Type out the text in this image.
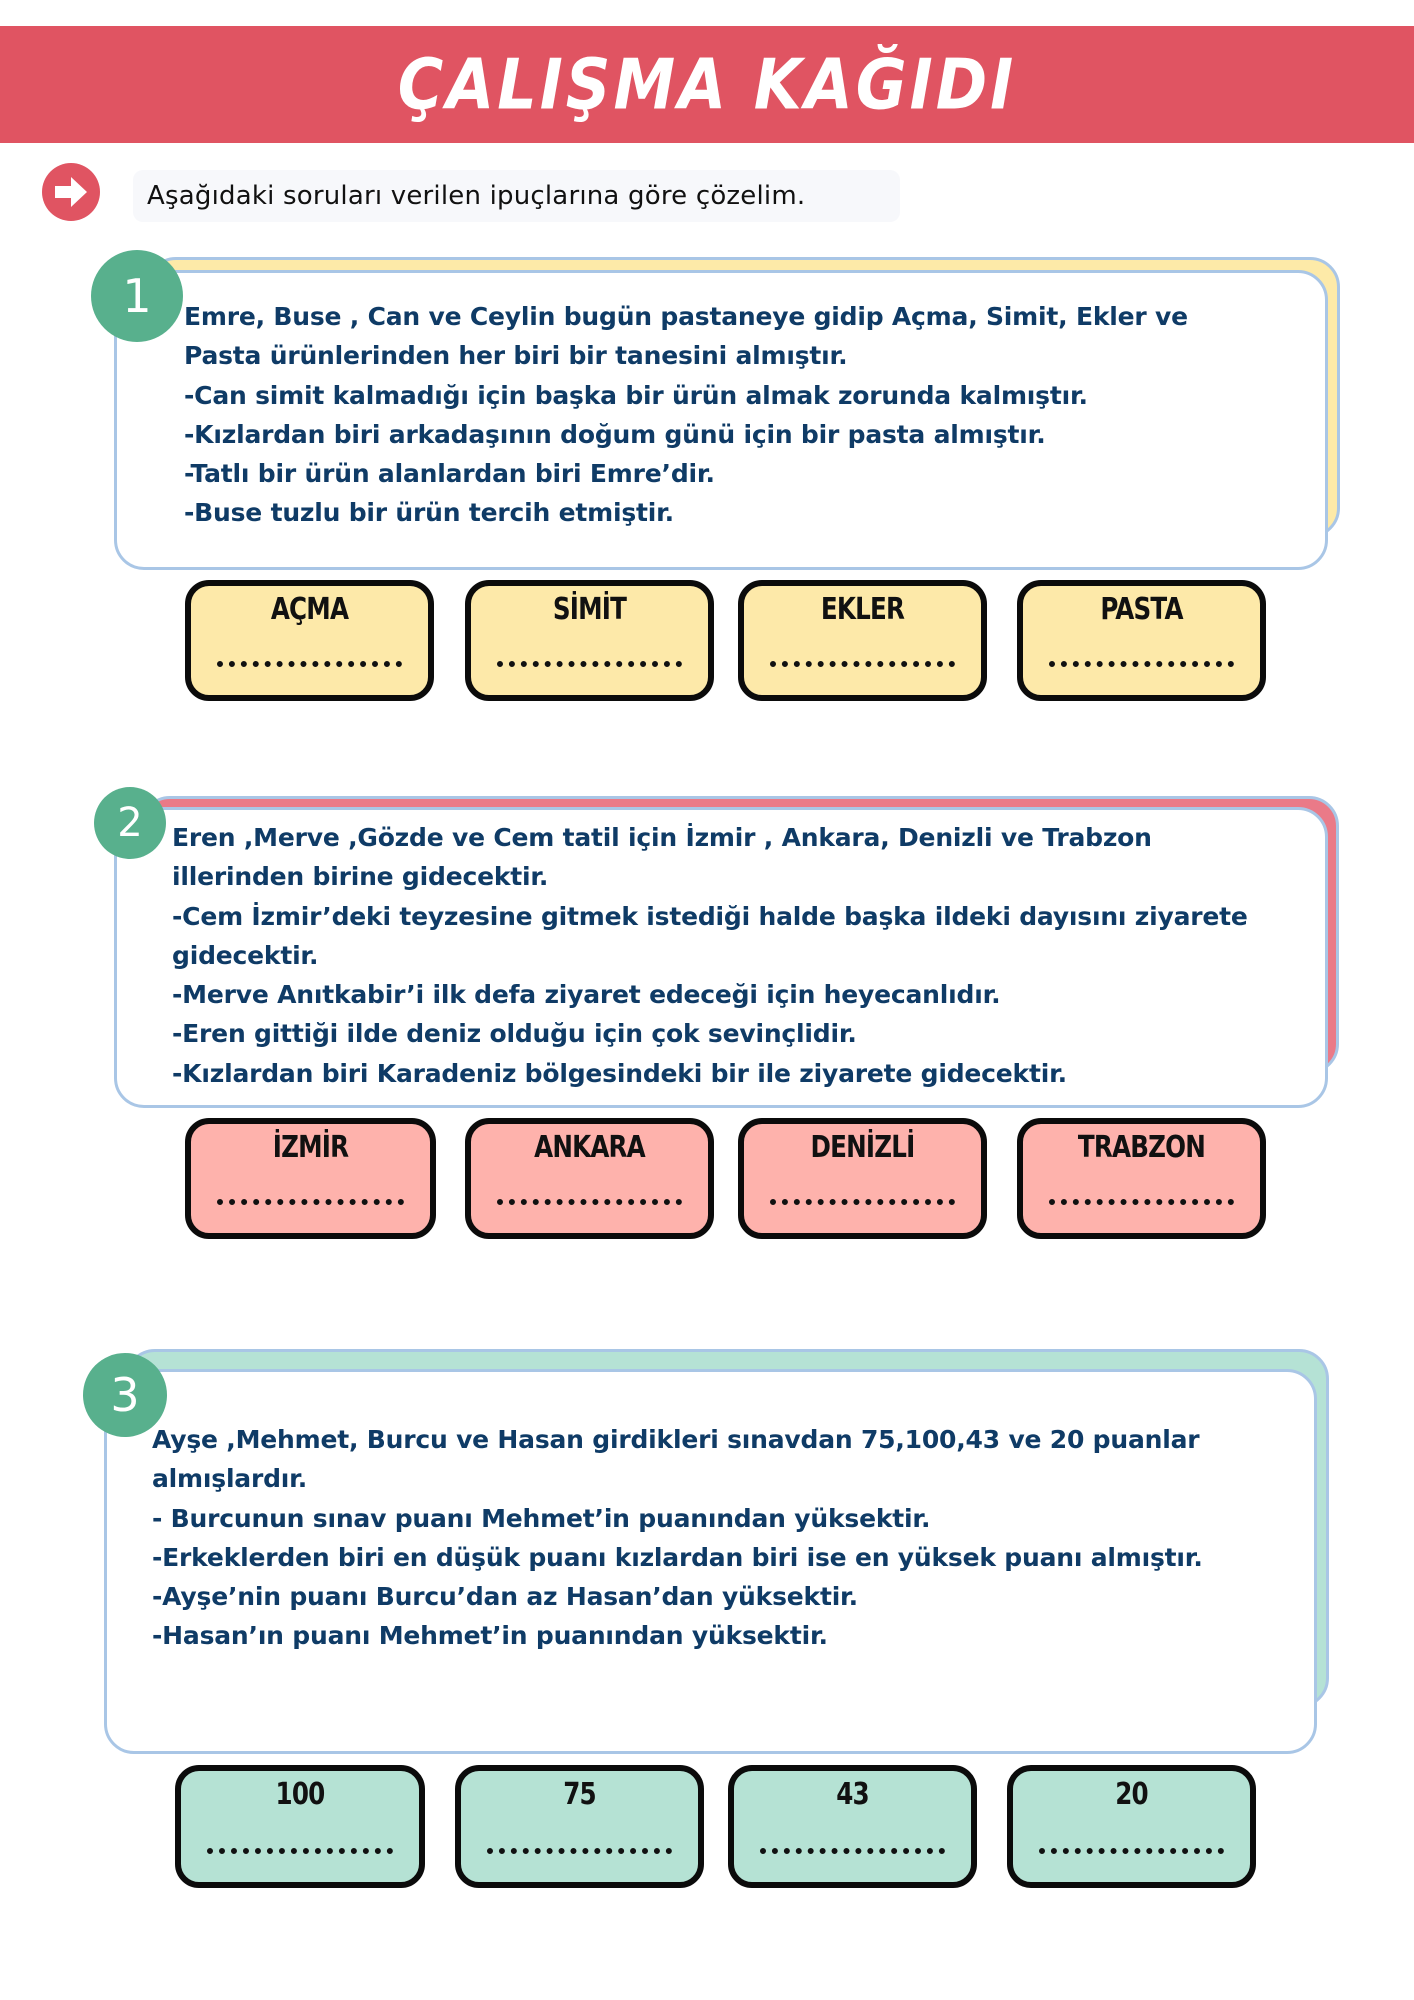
ÇALIŞMA KAĞIDI
Aşağıdaki soruları verilen ipuçlarına göre çözelim.
1	Emre, Buse , Can ve Ceylin bugün pastaneye gidip Açma, Simit, Ekler ve
Pasta ürünlerinden her biri bir tanesini almıştır.
-Can simit kalmadığı için başka bir ürün almak zorunda kalmıştır.
-Kızlardan biri arkadaşının doğum günü için bir pasta almıştır.
-Tatlı bir ürün alanlardan biri Emre’dir.
-Buse tuzlu bir ürün tercih etmiştir.
AÇMA	SİMİT	EKLER	PASTA
2	Eren ,Merve ,Gözde ve Cem tatil için İzmir , Ankara, Denizli ve Trabzon
illerinden birine gidecektir.
-Cem İzmir’deki teyzesine gitmek istediği halde başka ildeki dayısını ziyarete
gidecektir.
-Merve Anıtkabir’i ilk defa ziyaret edeceği için heyecanlıdır.
-Eren gittiği ilde deniz olduğu için çok sevinçlidir.
-Kızlardan biri Karadeniz bölgesindeki bir ile ziyarete gidecektir.
İZMİR	ANKARA	DENİZLİ	TRABZON
3
Ayşe ,Mehmet, Burcu ve Hasan girdikleri sınavdan 75,100,43 ve 20 puanlar
almışlardır.
- Burcunun sınav puanı Mehmet’in puanından yüksektir.
-Erkeklerden biri en düşük puanı kızlardan biri ise en yüksek puanı almıştır.
-Ayşe’nin puanı Burcu’dan az Hasan’dan yüksektir.
-Hasan’ın puanı Mehmet’in puanından yüksektir.
100	75	43	20
